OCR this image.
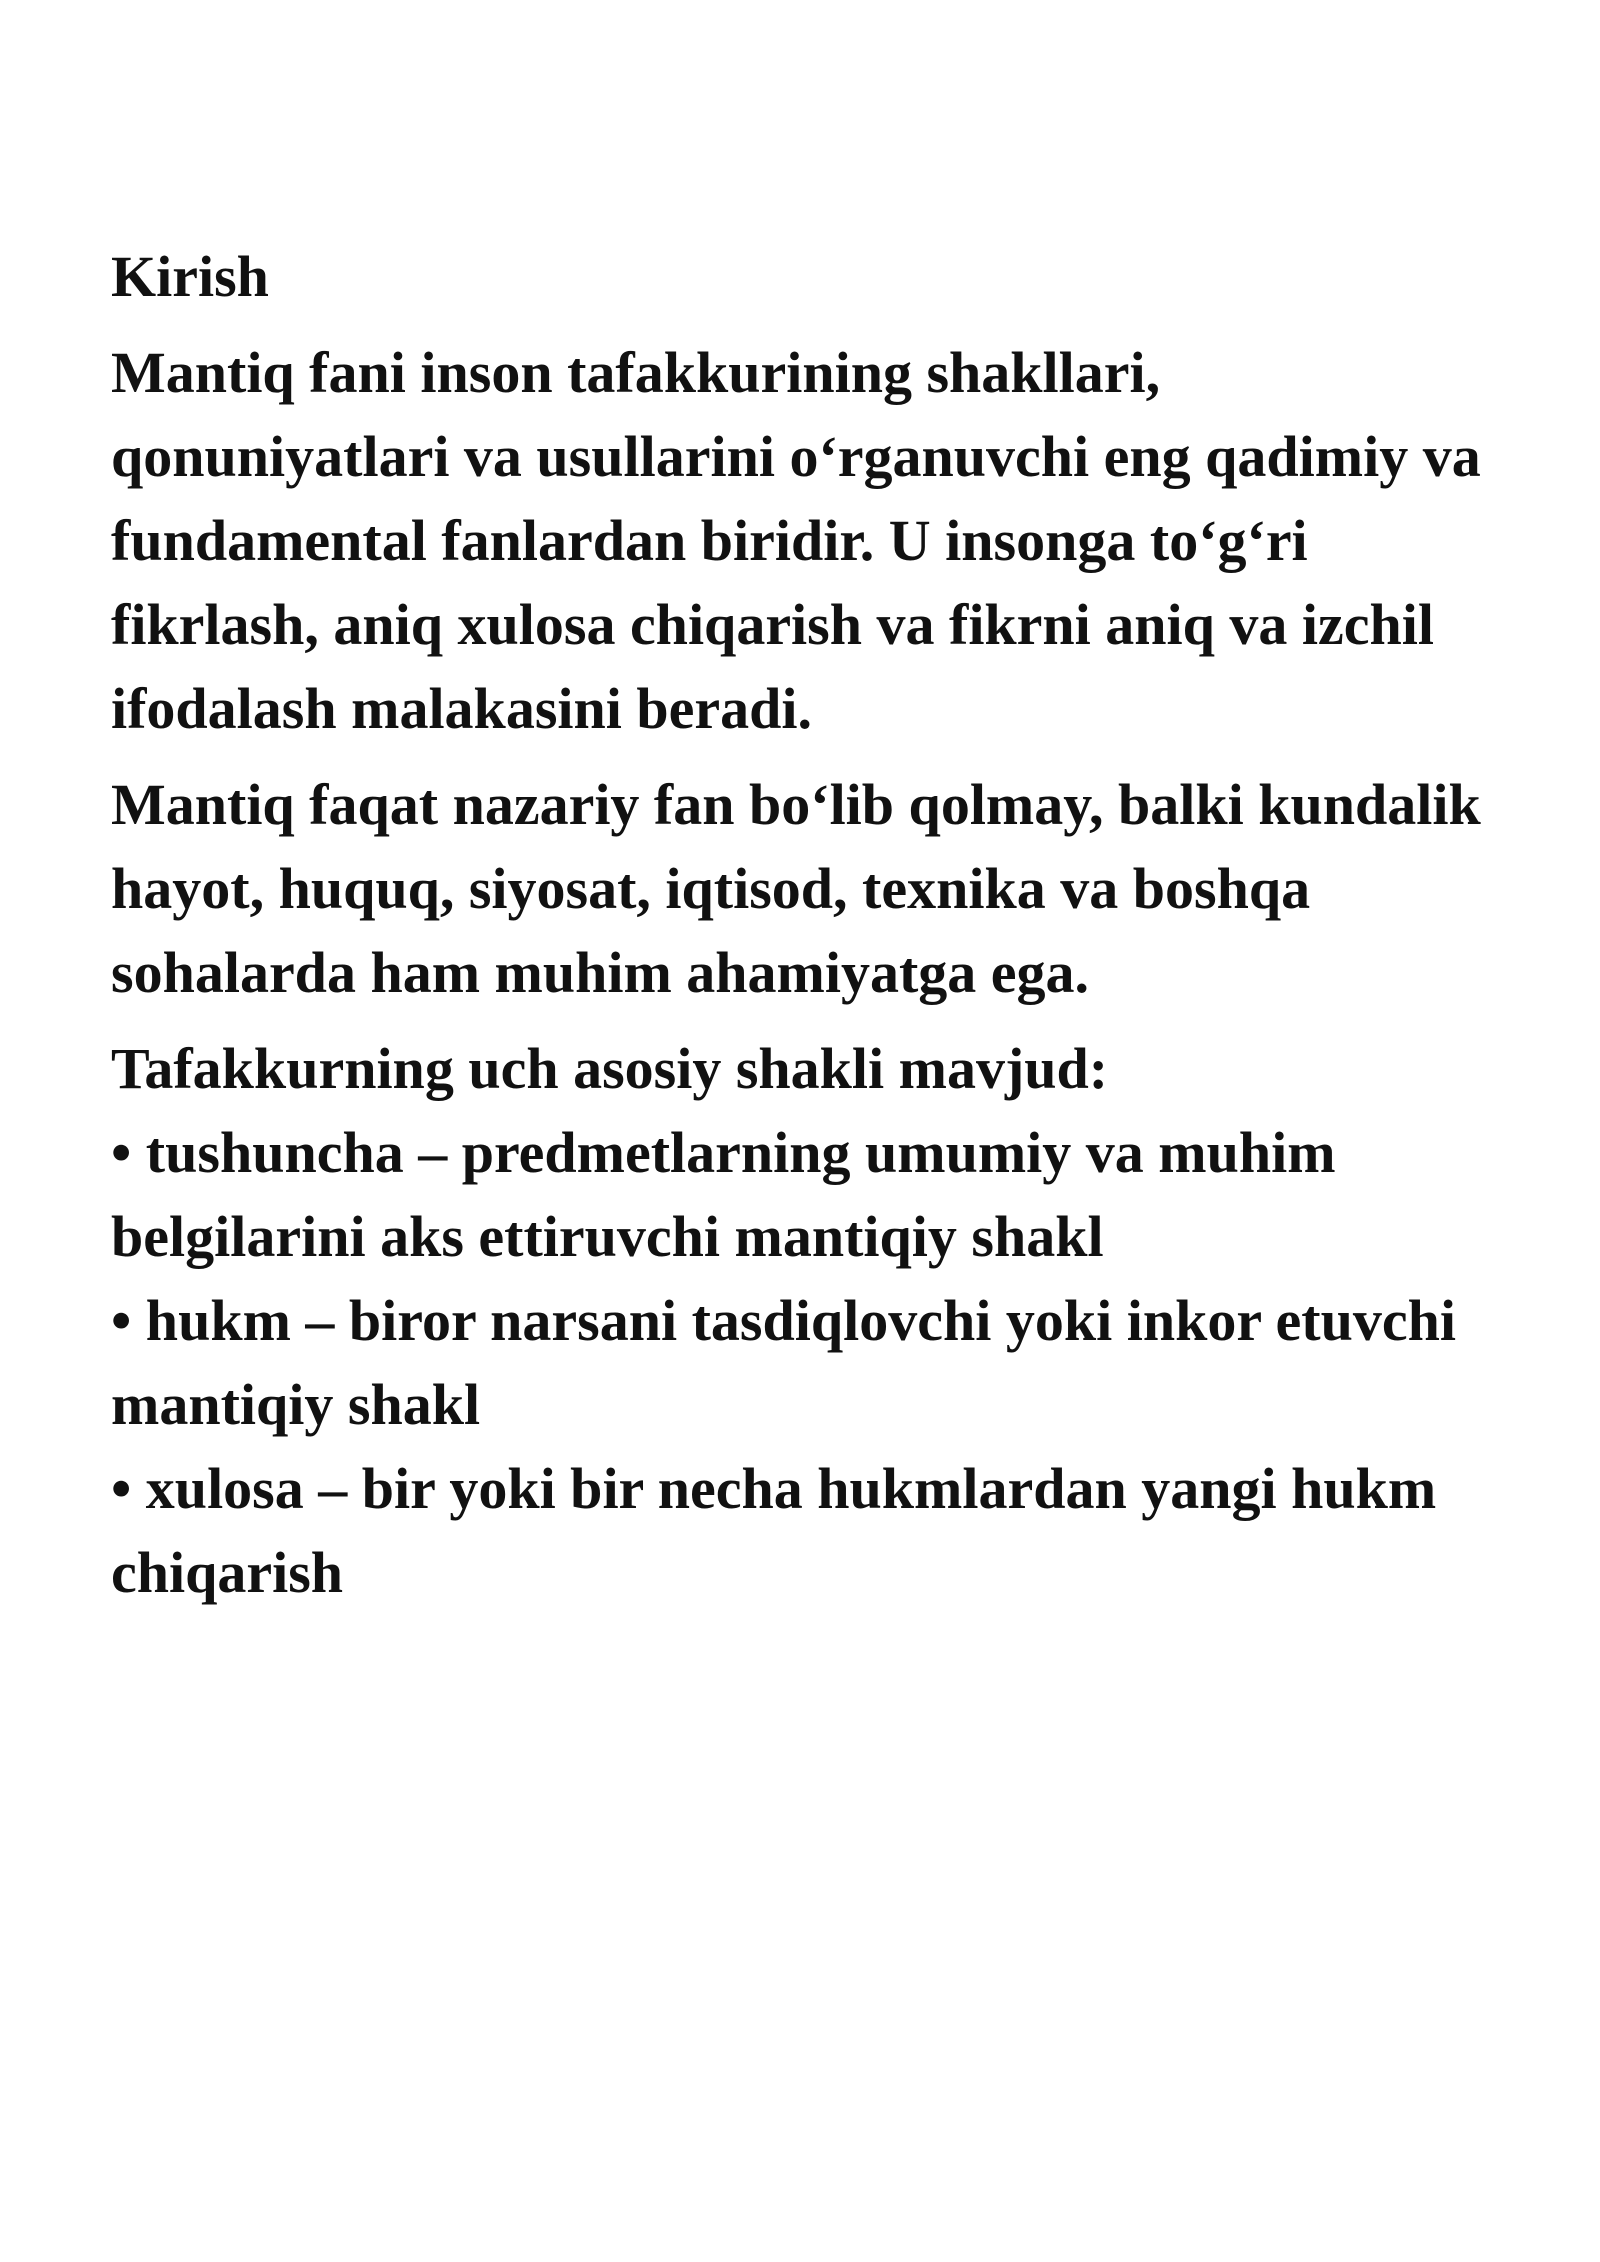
Kirish

Mantiq fani inson tafakkurining shakllari, qonuniyatlari va usullarini o‘rganuvchi eng qadimiy va fundamental fanlardan biridir. U insonga to‘g‘ri fikrlash, aniq xulosa chiqarish va fikrni aniq va izchil ifodalash malakasini beradi.

Mantiq faqat nazariy fan bo‘lib qolmay, balki kundalik hayot, huquq, siyosat, iqtisod, texnika va boshqa sohalarda ham muhim ahamiyatga ega.

Tafakkurning uch asosiy shakli mavjud:

• tushuncha – predmetlarning umumiy va muhim belgilarini aks ettiruvchi mantiqiy shakl

• hukm – biror narsani tasdiqlovchi yoki inkor etuvchi mantiqiy shakl

• xulosa – bir yoki bir necha hukmlardan yangi hukm chiqarish
